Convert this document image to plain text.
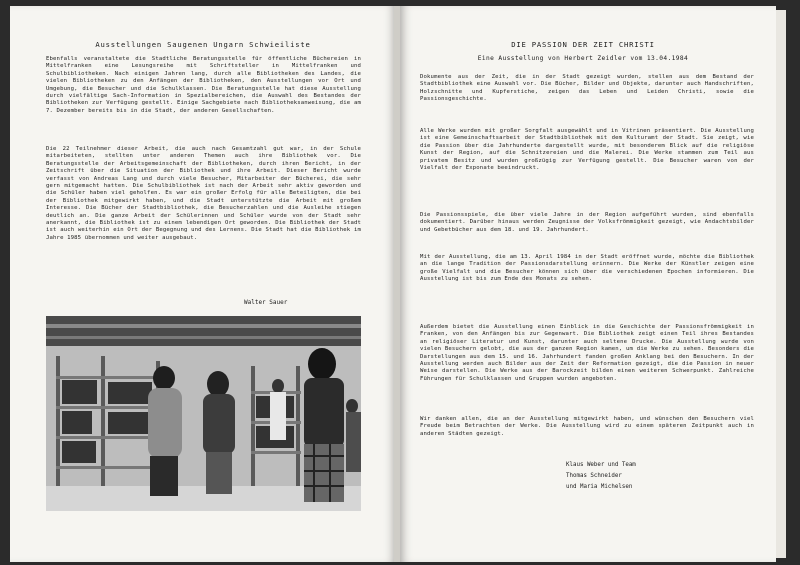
Ausstellungen Saugenen Ungarn Schwieiliste
Ebenfalls veranstaltete die Stadtliche Beratungsstelle für öffentliche Büchereien in Mittelfranken eine Lesungsreihe mit Schriftsteller in Mittelfranken und Schulbibliotheken. Nach einigen Jahren lang, durch alle Bibliotheken des Landes, die vielen Bibliotheken zu den Anfängen der Bibliotheken, den Ausstellungen vor Ort und Umgebung, die Besucher und die Schulklassen. Die Beratungsstelle hat diese Ausstellung durch vielfältige Sach-Information in Spezialbereichen, die Auswahl des Bestandes der Bibliotheken zur Verfügung gestellt. Einige Sachgebiete nach Bibliotheksanweisung, die am 7. Dezember bereits bis in die Stadt, der anderen Gesellschaften.
Die 22 Teilnehmer dieser Arbeit, die auch nach Gesamtzahl gut war, in der Schule mitarbeiteten, stellten unter anderen Themen auch ihre Bibliothek vor. Die Beratungsstelle der Arbeitsgemeinschaft der Bibliotheken, durch ihren Bericht, in der Zeitschrift über die Situation der Bibliothek und ihre Arbeit. Dieser Bericht wurde verfasst von Andreas Lang und durch viele Besucher, Mitarbeiter der Bücherei, die sehr gern mitgemacht hatten. Die Schulbibliothek ist nach der Arbeit sehr aktiv geworden und die Schüler haben viel geholfen. Es war ein großer Erfolg für alle Beteiligten, die bei der Bibliothek mitgewirkt haben, und die Stadt unterstützte die Arbeit mit großem Interesse. Die Bücher der Stadtbibliothek, die Besucherzahlen und die Ausleihe stiegen deutlich an. Die ganze Arbeit der Schülerinnen und Schüler wurde von der Stadt sehr anerkannt, die Bibliothek ist zu einem lebendigen Ort geworden. Die Bibliothek der Stadt ist auch weiterhin ein Ort der Begegnung und des Lernens. Die Stadt hat die Bibliothek im Jahre 1985 übernommen und weiter ausgebaut.
Walter Sauer
DIE PASSION DER ZEIT CHRISTI
Eine Ausstellung von Herbert Zeidler vom 13.04.1984
Dokumente aus der Zeit, die in der Stadt gezeigt wurden, stellen aus dem Bestand der Stadtbibliothek eine Auswahl vor. Die Bücher, Bilder und Objekte, darunter auch Handschriften, Holzschnitte und Kupferstiche, zeigen das Leben und Leiden Christi, sowie die Passionsgeschichte.
Alle Werke wurden mit großer Sorgfalt ausgewählt und in Vitrinen präsentiert. Die Ausstellung ist eine Gemeinschaftsarbeit der Stadtbibliothek mit dem Kulturamt der Stadt. Sie zeigt, wie die Passion über die Jahrhunderte dargestellt wurde, mit besonderem Blick auf die religiöse Kunst der Region, auf die Schnitzereien und die Malerei. Die Werke stammen zum Teil aus privatem Besitz und wurden großzügig zur Verfügung gestellt. Die Besucher waren von der Vielfalt der Exponate beeindruckt.
Die Passionsspiele, die über viele Jahre in der Region aufgeführt wurden, sind ebenfalls dokumentiert. Darüber hinaus werden Zeugnisse der Volksfrömmigkeit gezeigt, wie Andachtsbilder und Gebetbücher aus dem 18. und 19. Jahrhundert.
Mit der Ausstellung, die am 13. April 1984 in der Stadt eröffnet wurde, möchte die Bibliothek an die lange Tradition der Passionsdarstellung erinnern. Die Werke der Künstler zeigen eine große Vielfalt und die Besucher können sich über die verschiedenen Epochen informieren. Die Ausstellung ist bis zum Ende des Monats zu sehen.
Außerdem bietet die Ausstellung einen Einblick in die Geschichte der Passionsfrömmigkeit in Franken, von den Anfängen bis zur Gegenwart. Die Bibliothek zeigt einen Teil ihres Bestandes an religiöser Literatur und Kunst, darunter auch seltene Drucke. Die Ausstellung wurde von vielen Besuchern gelobt, die aus der ganzen Region kamen, um die Werke zu sehen. Besonders die Darstellungen aus dem 15. und 16. Jahrhundert fanden großen Anklang bei den Besuchern. In der Ausstellung werden auch Bilder aus der Zeit der Reformation gezeigt, die die Passion in neuer Weise darstellen. Die Werke aus der Barockzeit bilden einen weiteren Schwerpunkt. Zahlreiche Führungen für Schulklassen und Gruppen wurden angeboten.
Wir danken allen, die an der Ausstellung mitgewirkt haben, und wünschen den Besuchern viel Freude beim Betrachten der Werke. Die Ausstellung wird zu einem späteren Zeitpunkt auch in anderen Städten gezeigt.
Klaus Weber und Team
Thomas Schneider
und Maria Michelsen
